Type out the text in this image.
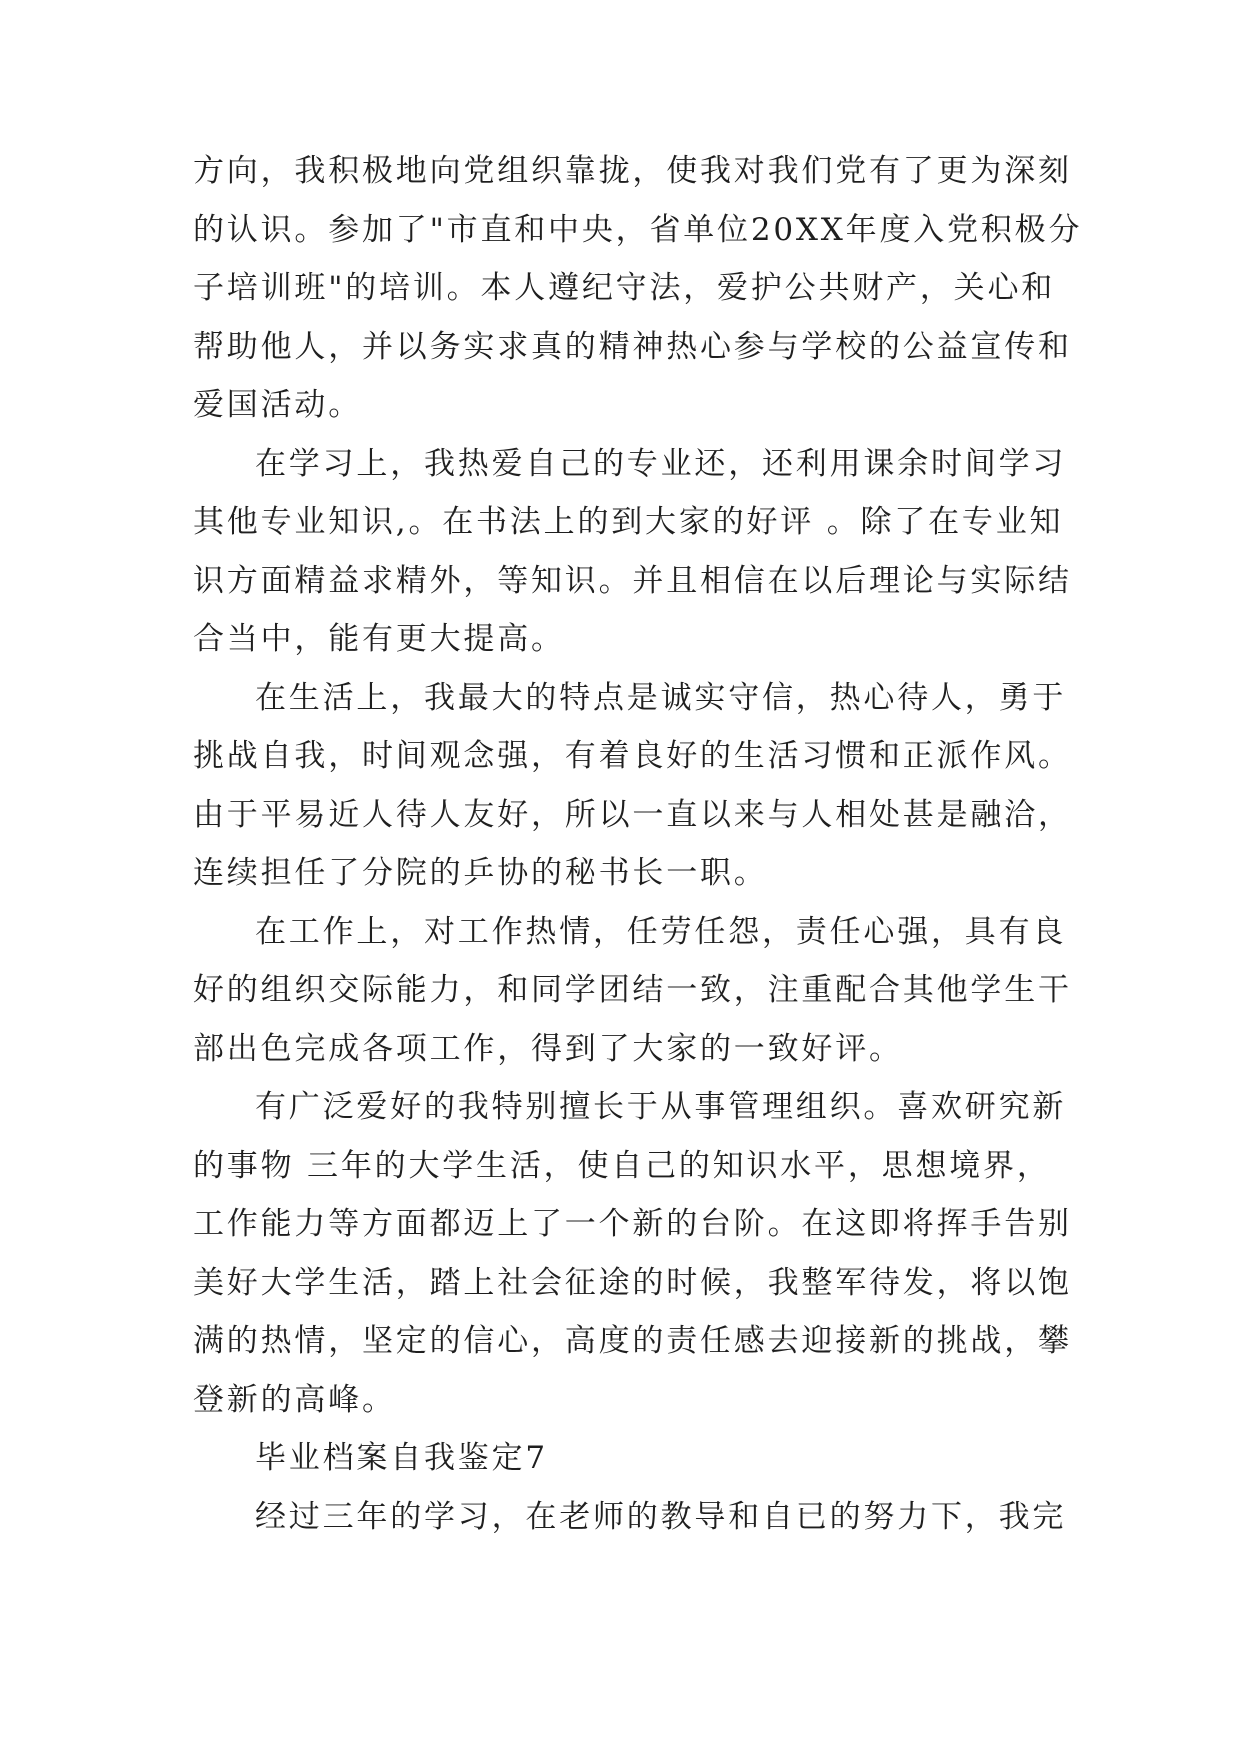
方向，我积极地向党组织靠拢，使我对我们党有了更为深刻
的认识。参加了"市直和中央，省单位20XX年度入党积极分
子培训班"的培训。本人遵纪守法，爱护公共财产，关心和
帮助他人，并以务实求真的精神热心参与学校的公益宣传和
爱国活动。

在学习上，我热爱自己的专业还，还利用课余时间学习
其他专业知识,。在书法上的到大家的好评 。除了在专业知
识方面精益求精外，等知识。并且相信在以后理论与实际结
合当中，能有更大提高。

在生活上，我最大的特点是诚实守信，热心待人，勇于
挑战自我，时间观念强，有着良好的生活习惯和正派作风。
由于平易近人待人友好，所以一直以来与人相处甚是融洽，
连续担任了分院的乒协的秘书长一职。

在工作上，对工作热情，任劳任怨，责任心强，具有良
好的组织交际能力，和同学团结一致，注重配合其他学生干
部出色完成各项工作，得到了大家的一致好评。

有广泛爱好的我特别擅长于从事管理组织。喜欢研究新
的事物 三年的大学生活，使自己的知识水平，思想境界，
工作能力等方面都迈上了一个新的台阶。在这即将挥手告别
美好大学生活，踏上社会征途的时候，我整军待发，将以饱
满的热情，坚定的信心，高度的责任感去迎接新的挑战，攀
登新的高峰。

毕业档案自我鉴定7

经过三年的学习，在老师的教导和自已的努力下，我完
